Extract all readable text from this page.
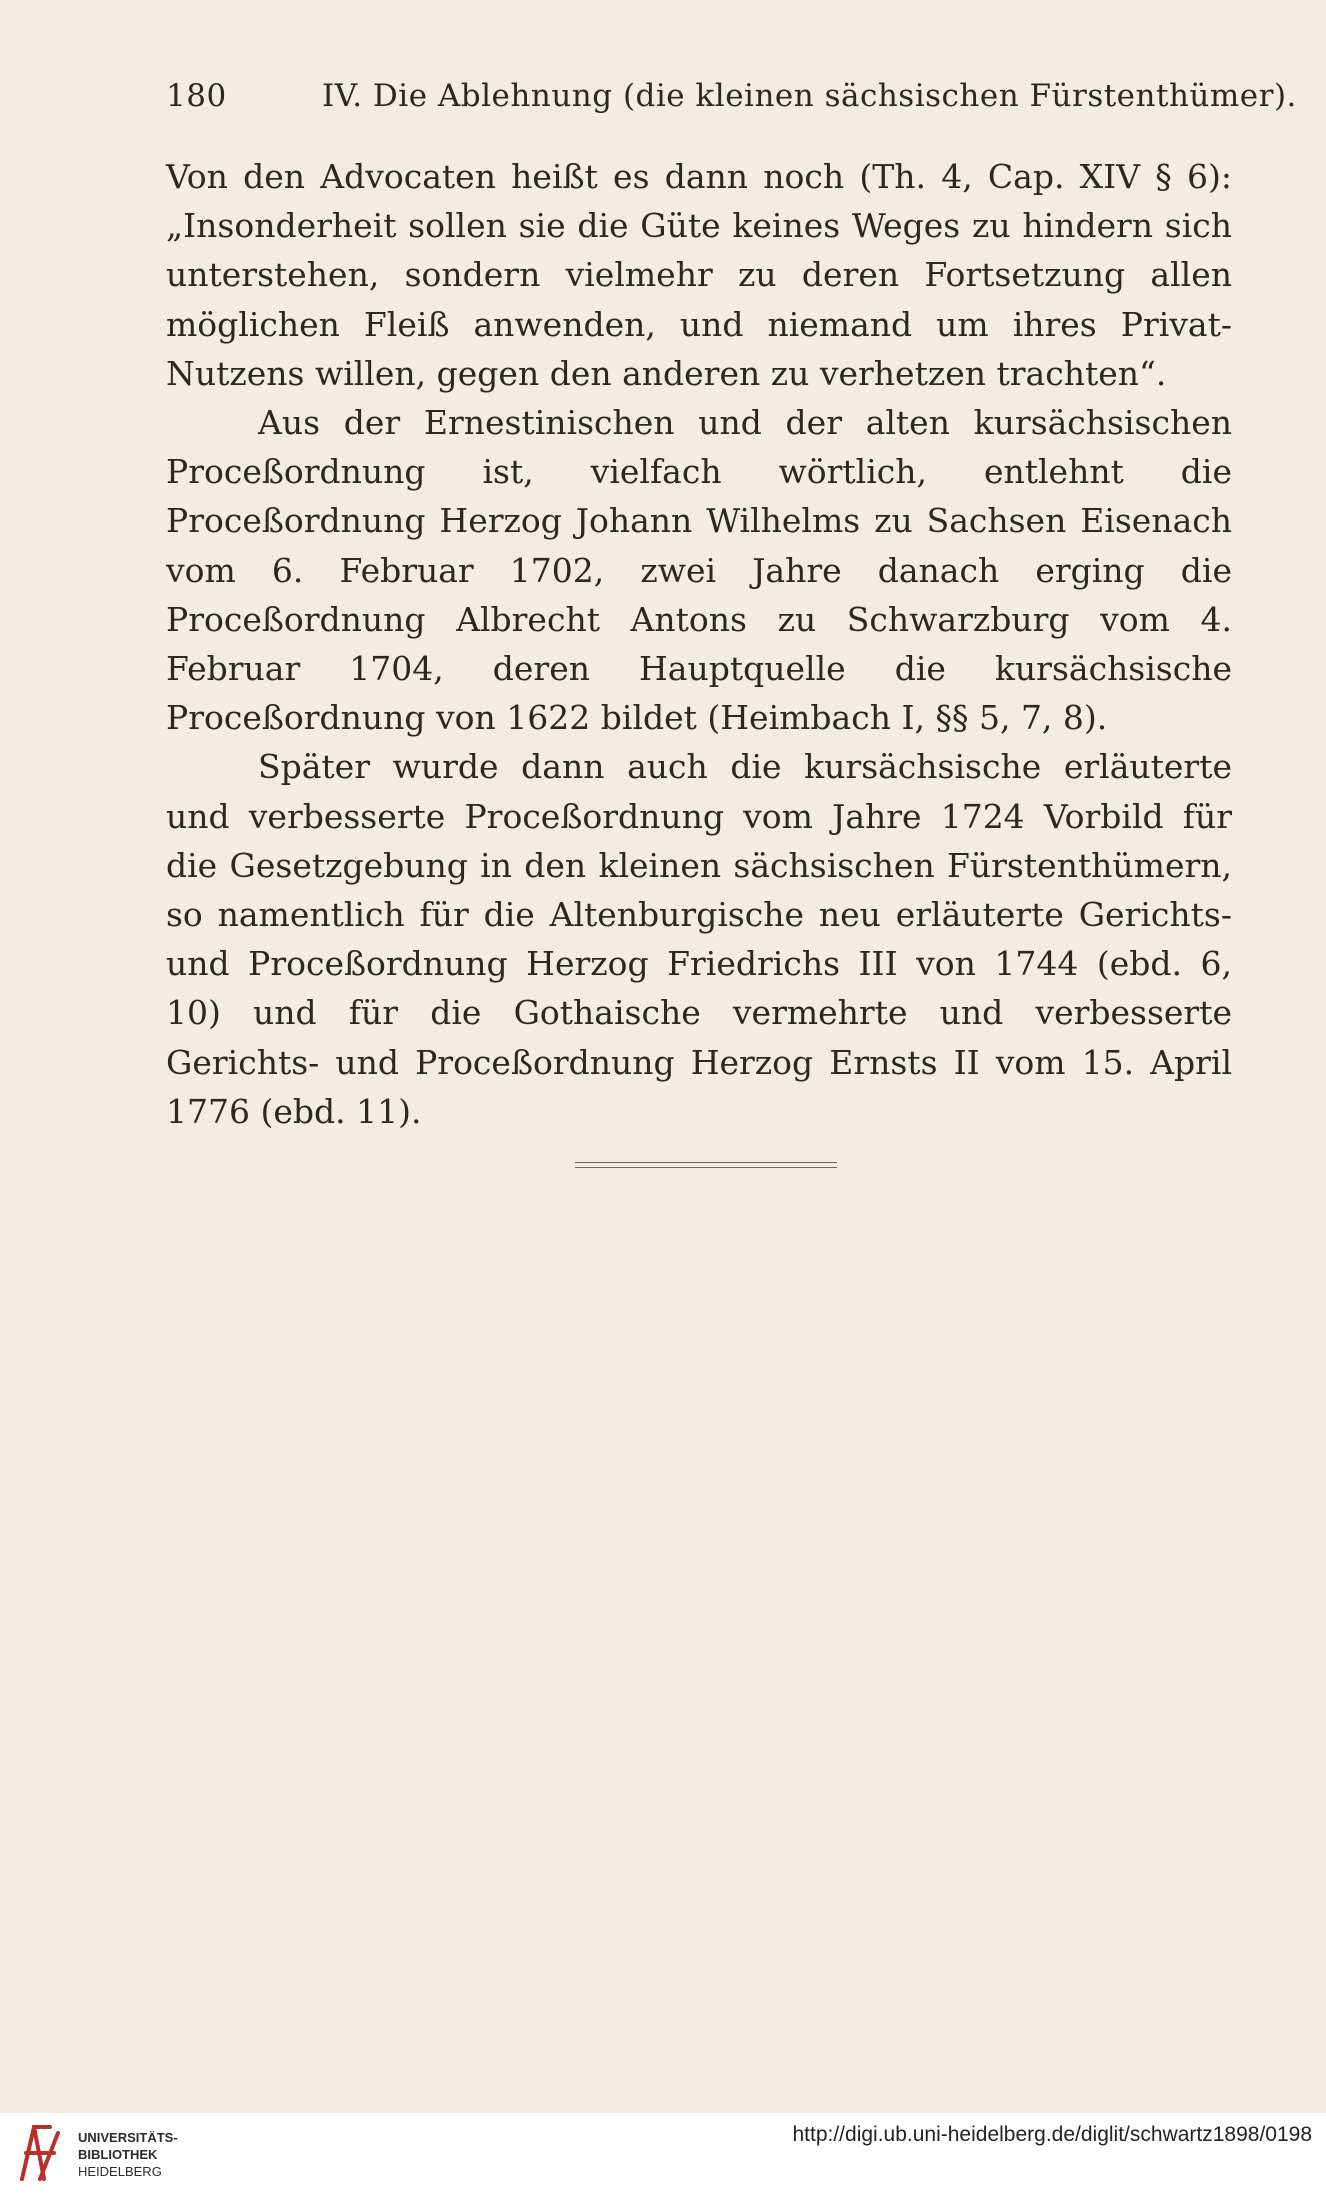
180	IV. Die Ablehnung (die kleinen sächsischen Fürstenthümer).

Von den Advocaten heißt es dann noch (Th. 4, Cap. XIV § 6): „Insonderheit sollen sie die Güte keines Weges zu hindern sich unterstehen, sondern vielmehr zu deren Fortsetzung allen möglichen Fleiß anwenden, und niemand um ihres Privat-Nutzens willen, gegen den anderen zu verhetzen trachten“.

Aus der Ernestinischen und der alten kursächsischen Proceßordnung ist, vielfach wörtlich, entlehnt die Proceßordnung Herzog Johann Wilhelms zu Sachsen Eisenach vom 6. Februar 1702, zwei Jahre danach erging die Proceßordnung Albrecht Antons zu Schwarzburg vom 4. Februar 1704, deren Hauptquelle die kursächsische Proceßordnung von 1622 bildet (Heimbach I, §§ 5, 7, 8).

Später wurde dann auch die kursächsische erläuterte und verbesserte Proceßordnung vom Jahre 1724 Vorbild für die Gesetzgebung in den kleinen sächsischen Fürstenthümern, so namentlich für die Altenburgische neu erläuterte Gerichts- und Proceßordnung Herzog Friedrichs III von 1744 (ebd. 6, 10) und für die Gothaische vermehrte und verbesserte Gerichts- und Proceßordnung Herzog Ernsts II vom 15. April 1776 (ebd. 11).

UNIVERSITÄTS-
BIBLIOTHEK
HEIDELBERG
http://digi.ub.uni-heidelberg.de/diglit/schwartz1898/0198
